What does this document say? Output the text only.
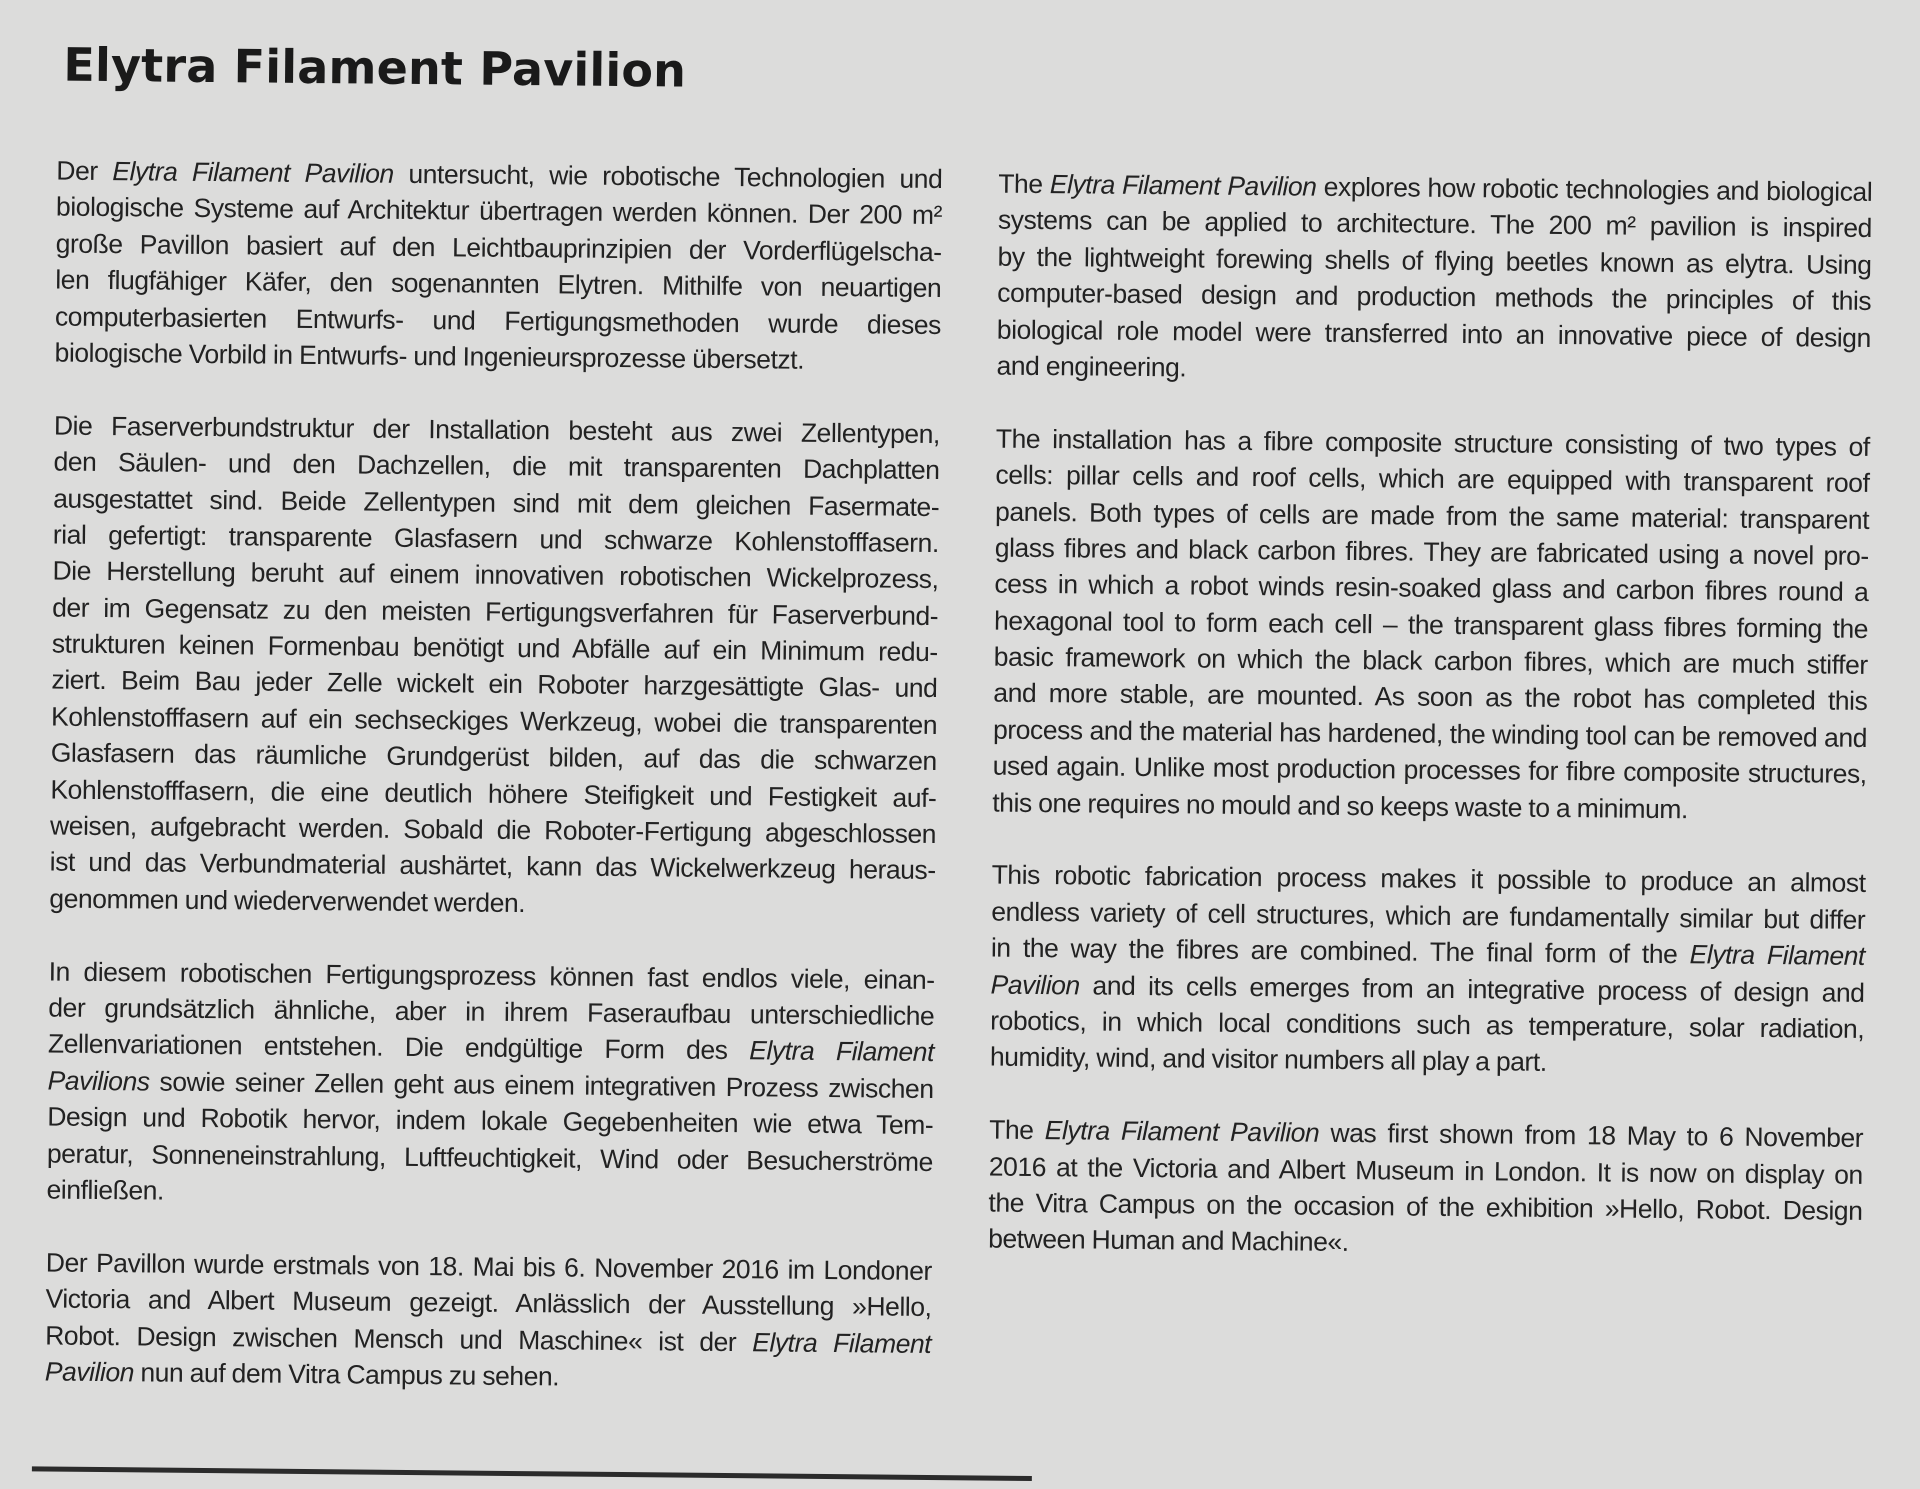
Elytra Filament Pavilion

Der Elytra Filament Pavilion untersucht, wie robotische Technologien und
biologische Systeme auf Architektur übertragen werden können. Der 200 m²
große Pavillon basiert auf den Leichtbauprinzipien der Vorderflügelscha-
len flugfähiger Käfer, den sogenannten Elytren. Mithilfe von neuartigen
computerbasierten Entwurfs- und Fertigungsmethoden wurde dieses
biologische Vorbild in Entwurfs- und Ingenieursprozesse übersetzt.

Die Faserverbundstruktur der Installation besteht aus zwei Zellentypen,
den Säulen- und den Dachzellen, die mit transparenten Dachplatten
ausgestattet sind. Beide Zellentypen sind mit dem gleichen Fasermate-
rial gefertigt: transparente Glasfasern und schwarze Kohlenstofffasern.
Die Herstellung beruht auf einem innovativen robotischen Wickelprozess,
der im Gegensatz zu den meisten Fertigungsverfahren für Faserverbund-
strukturen keinen Formenbau benötigt und Abfälle auf ein Minimum redu-
ziert. Beim Bau jeder Zelle wickelt ein Roboter harzgesättigte Glas- und
Kohlenstofffasern auf ein sechseckiges Werkzeug, wobei die transparenten
Glasfasern das räumliche Grundgerüst bilden, auf das die schwarzen
Kohlenstofffasern, die eine deutlich höhere Steifigkeit und Festigkeit auf-
weisen, aufgebracht werden. Sobald die Roboter-Fertigung abgeschlossen
ist und das Verbundmaterial aushärtet, kann das Wickelwerkzeug heraus-
genommen und wiederverwendet werden.

In diesem robotischen Fertigungsprozess können fast endlos viele, einan-
der grundsätzlich ähnliche, aber in ihrem Faseraufbau unterschiedliche
Zellenvariationen entstehen. Die endgültige Form des Elytra Filament
Pavilions sowie seiner Zellen geht aus einem integrativen Prozess zwischen
Design und Robotik hervor, indem lokale Gegebenheiten wie etwa Tem-
peratur, Sonneneinstrahlung, Luftfeuchtigkeit, Wind oder Besucherströme
einfließen.

Der Pavillon wurde erstmals von 18. Mai bis 6. November 2016 im Londoner
Victoria and Albert Museum gezeigt. Anlässlich der Ausstellung »Hello,
Robot. Design zwischen Mensch und Maschine« ist der Elytra Filament
Pavilion nun auf dem Vitra Campus zu sehen.

The Elytra Filament Pavilion explores how robotic technologies and biological
systems can be applied to architecture. The 200 m² pavilion is inspired
by the lightweight forewing shells of flying beetles known as elytra. Using
computer-based design and production methods the principles of this
biological role model were transferred into an innovative piece of design
and engineering.

The installation has a fibre composite structure consisting of two types of
cells: pillar cells and roof cells, which are equipped with transparent roof
panels. Both types of cells are made from the same material: transparent
glass fibres and black carbon fibres. They are fabricated using a novel pro-
cess in which a robot winds resin-soaked glass and carbon fibres round a
hexagonal tool to form each cell – the transparent glass fibres forming the
basic framework on which the black carbon fibres, which are much stiffer
and more stable, are mounted. As soon as the robot has completed this
process and the material has hardened, the winding tool can be removed and
used again. Unlike most production processes for fibre composite structures,
this one requires no mould and so keeps waste to a minimum.

This robotic fabrication process makes it possible to produce an almost
endless variety of cell structures, which are fundamentally similar but differ
in the way the fibres are combined. The final form of the Elytra Filament
Pavilion and its cells emerges from an integrative process of design and
robotics, in which local conditions such as temperature, solar radiation,
humidity, wind, and visitor numbers all play a part.

The Elytra Filament Pavilion was first shown from 18 May to 6 November
2016 at the Victoria and Albert Museum in London. It is now on display on
the Vitra Campus on the occasion of the exhibition »Hello, Robot. Design
between Human and Machine«.
